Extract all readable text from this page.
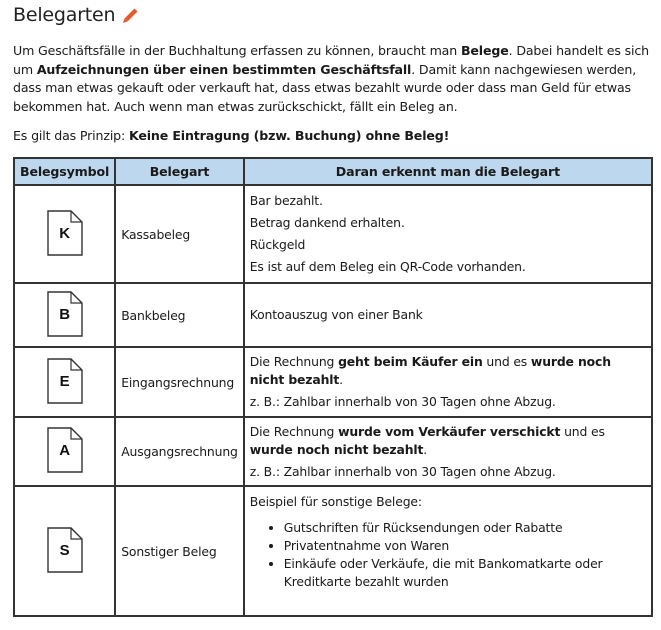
Belegarten

Um Geschäftsfälle in der Buchhaltung erfassen zu können, braucht man Belege. Dabei handelt es sich um Aufzeichnungen über einen bestimmten Geschäftsfall. Damit kann nachgewiesen werden, dass man etwas gekauft oder verkauft hat, dass etwas bezahlt wurde oder dass man Geld für etwas bekommen hat. Auch wenn man etwas zurückschickt, fällt ein Beleg an.

Es gilt das Prinzip: Keine Eintragung (bzw. Buchung) ohne Beleg!

Belegsymbol	Belegart	Daran erkennt man die Belegart

K	Kassabeleg	Bar bezahlt.

Betrag dankend erhalten.

Rückgeld

Es ist auf dem Beleg ein QR-Code vorhanden.

B	Bankbeleg	Kontoauszug von einer Bank

E	Eingangsrechnung	Die Rechnung geht beim Käufer ein und es wurde noch nicht bezahlt.

z. B.: Zahlbar innerhalb von 30 Tagen ohne Abzug.

A	Ausgangsrechnung	Die Rechnung wurde vom Verkäufer verschickt und es wurde noch nicht bezahlt.

z. B.: Zahlbar innerhalb von 30 Tagen ohne Abzug.

S	Sonstiger Beleg	

Beispiel für sonstige Belege:

• Gutschriften für Rücksendungen oder Rabatte
• Privatentnahme von Waren
• Einkäufe oder Verkäufe, die mit Bankomatkarte oder Kreditkarte bezahlt wurden
